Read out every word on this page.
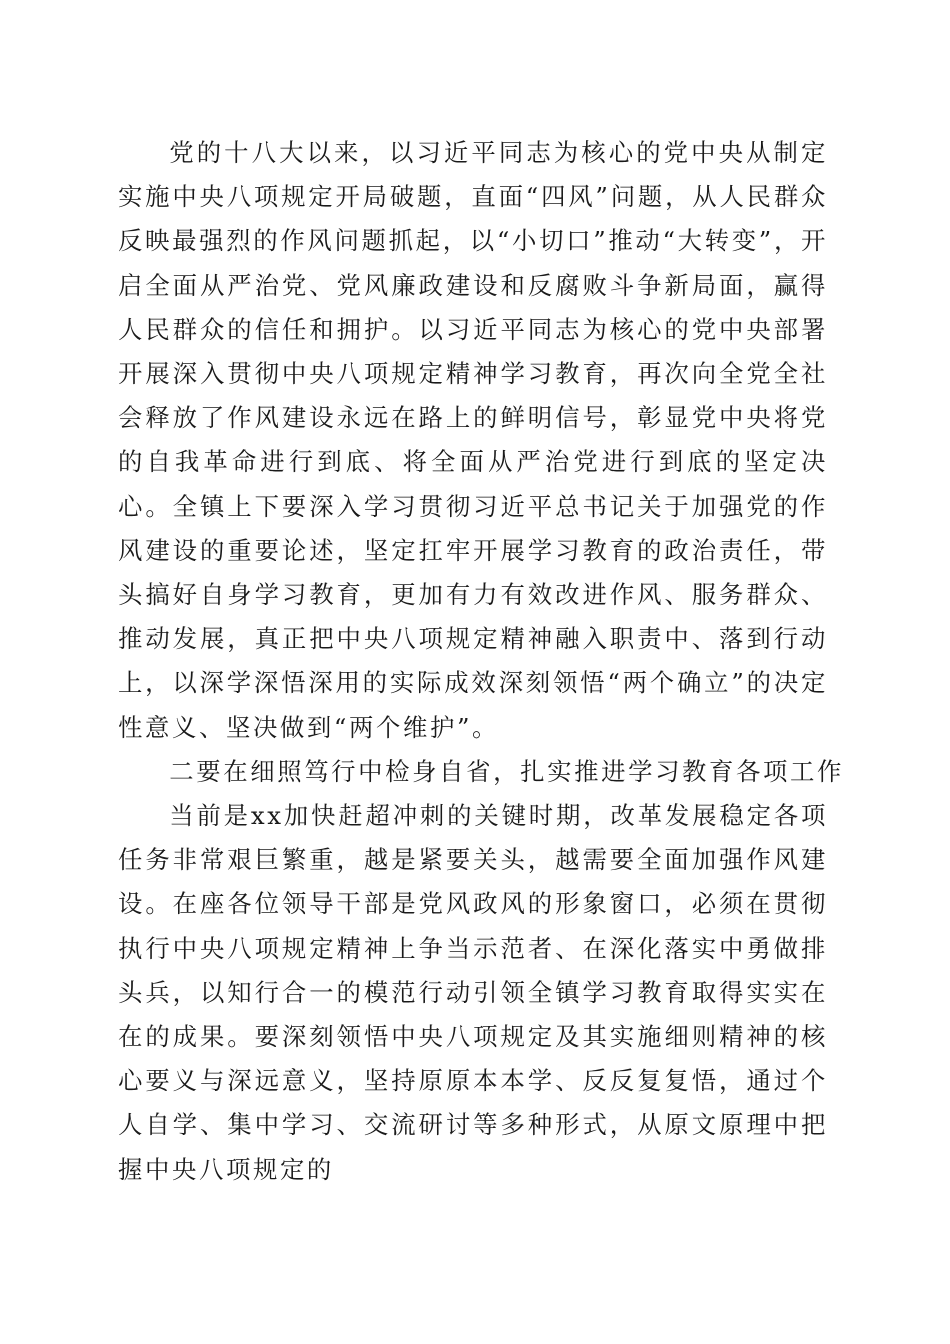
党的十八大以来，以习近平同志为核心的党中央从制定实施中央八项规定开局破题，直面“四风”问题，从人民群众反映最强烈的作风问题抓起，以“小切口”推动“大转变”，开启全面从严治党、党风廉政建设和反腐败斗争新局面，赢得人民群众的信任和拥护。以习近平同志为核心的党中央部署开展深入贯彻中央八项规定精神学习教育，再次向全党全社会释放了作风建设永远在路上的鲜明信号，彰显党中央将党的自我革命进行到底、将全面从严治党进行到底的坚定决心。全镇上下要深入学习贯彻习近平总书记关于加强党的作风建设的重要论述，坚定扛牢开展学习教育的政治责任，带头搞好自身学习教育，更加有力有效改进作风、服务群众、推动发展，真正把中央八项规定精神融入职责中、落到行动上，以深学深悟深用的实际成效深刻领悟“两个确立”的决定性意义、坚决做到“两个维护”。

二要在细照笃行中检身自省，扎实推进学习教育各项工作

当前是xx加快赶超冲刺的关键时期，改革发展稳定各项任务非常艰巨繁重，越是紧要关头，越需要全面加强作风建设。在座各位领导干部是党风政风的形象窗口，必须在贯彻执行中央八项规定精神上争当示范者、在深化落实中勇做排头兵，以知行合一的模范行动引领全镇学习教育取得实实在在的成果。要深刻领悟中央八项规定及其实施细则精神的核心要义与深远意义，坚持原原本本学、反反复复悟，通过个人自学、集中学习、交流研讨等多种形式，从原文原理中把握中央八项规定的
